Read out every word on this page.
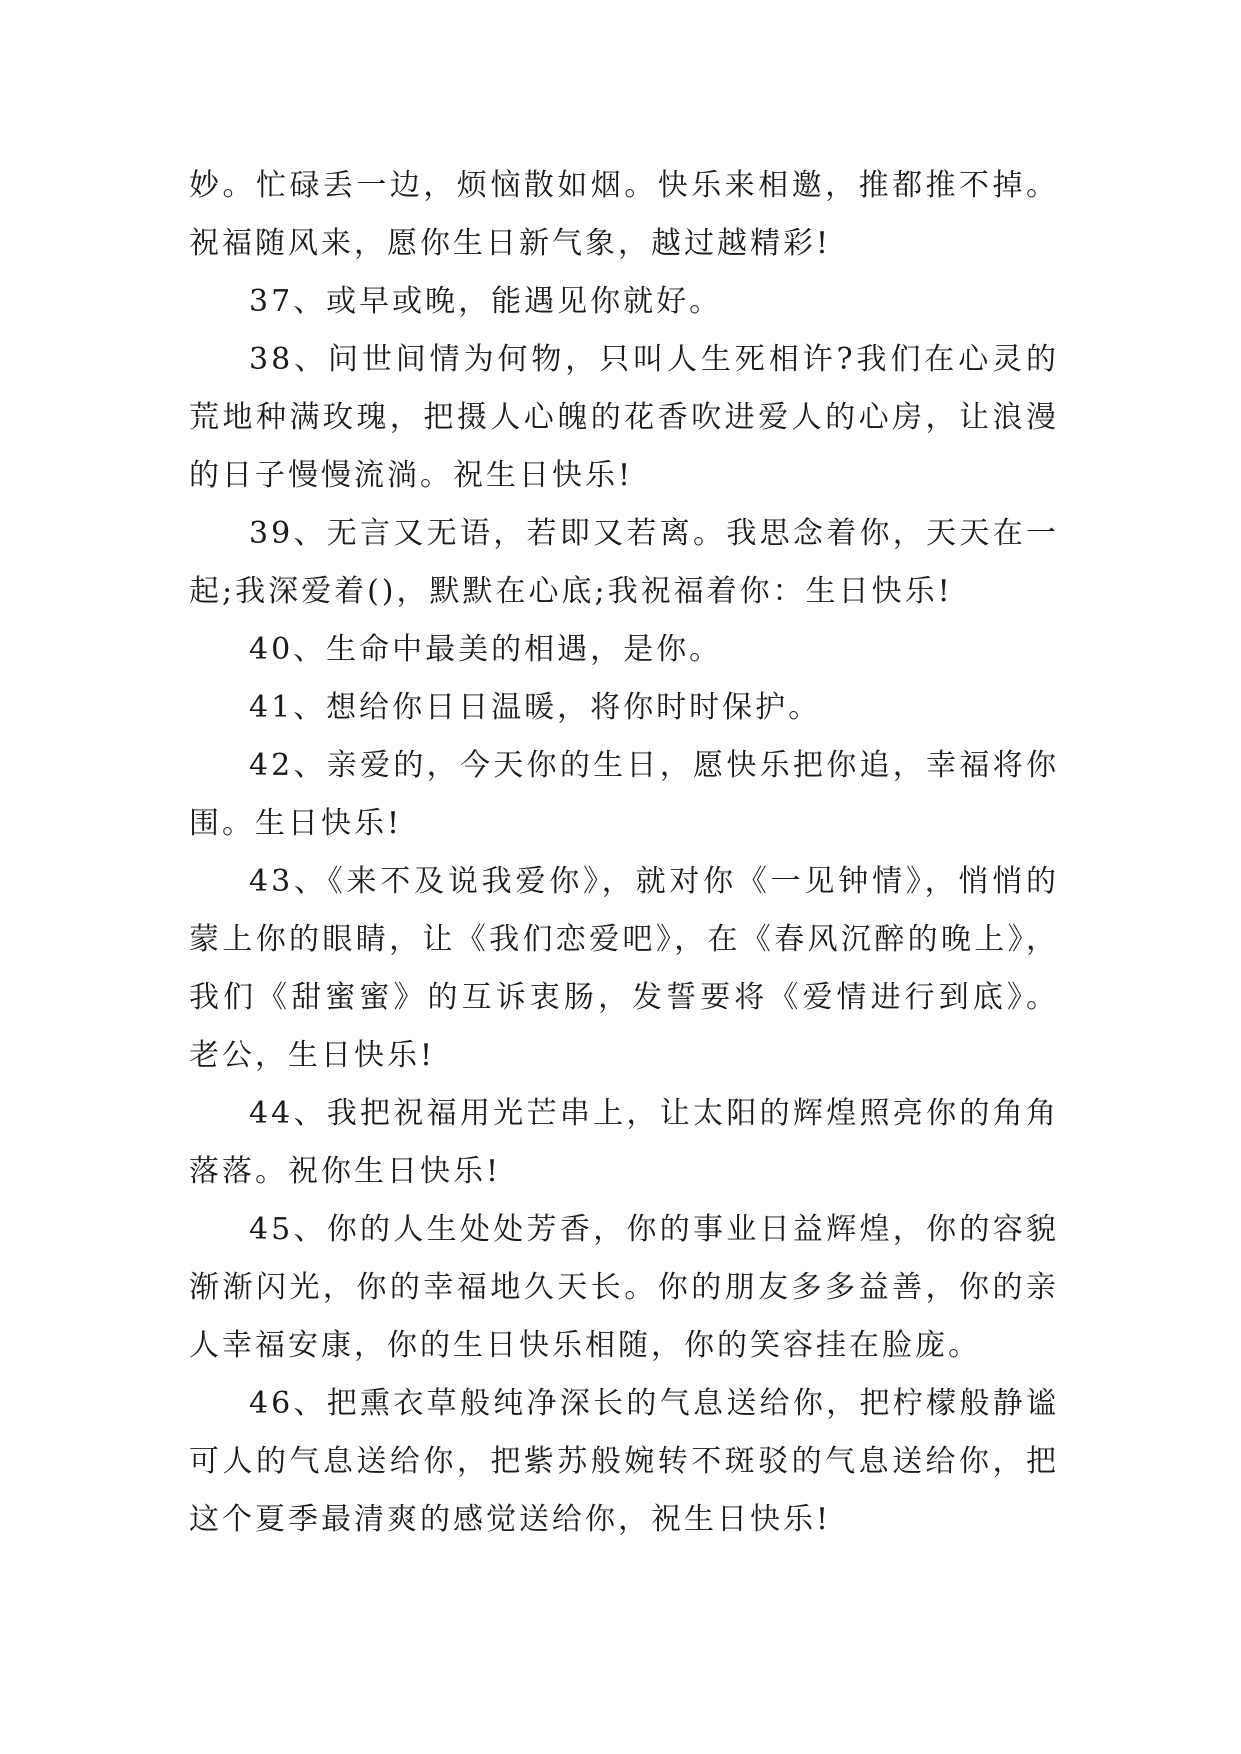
妙。忙碌丢一边，烦恼散如烟。快乐来相邀，推都推不掉。祝福随风来，愿你生日新气象，越过越精彩!

37、或早或晚，能遇见你就好。

38、问世间情为何物，只叫人生死相许?我们在心灵的荒地种满玫瑰，把摄人心魄的花香吹进爱人的心房，让浪漫的日子慢慢流淌。祝生日快乐!

39、无言又无语，若即又若离。我思念着你，天天在一起;我深爱着()，默默在心底;我祝福着你：生日快乐!

40、生命中最美的相遇，是你。

41、想给你日日温暖，将你时时保护。

42、亲爱的，今天你的生日，愿快乐把你追，幸福将你围。生日快乐!

43、《来不及说我爱你》，就对你《一见钟情》，悄悄的蒙上你的眼睛，让《我们恋爱吧》，在《春风沉醉的晚上》，我们《甜蜜蜜》的互诉衷肠，发誓要将《爱情进行到底》。老公，生日快乐!

44、我把祝福用光芒串上，让太阳的辉煌照亮你的角角落落。祝你生日快乐!

45、你的人生处处芳香，你的事业日益辉煌，你的容貌渐渐闪光，你的幸福地久天长。你的朋友多多益善，你的亲人幸福安康，你的生日快乐相随，你的笑容挂在脸庞。

46、把熏衣草般纯净深长的气息送给你，把柠檬般静谧可人的气息送给你，把紫苏般婉转不斑驳的气息送给你，把这个夏季最清爽的感觉送给你，祝生日快乐!
